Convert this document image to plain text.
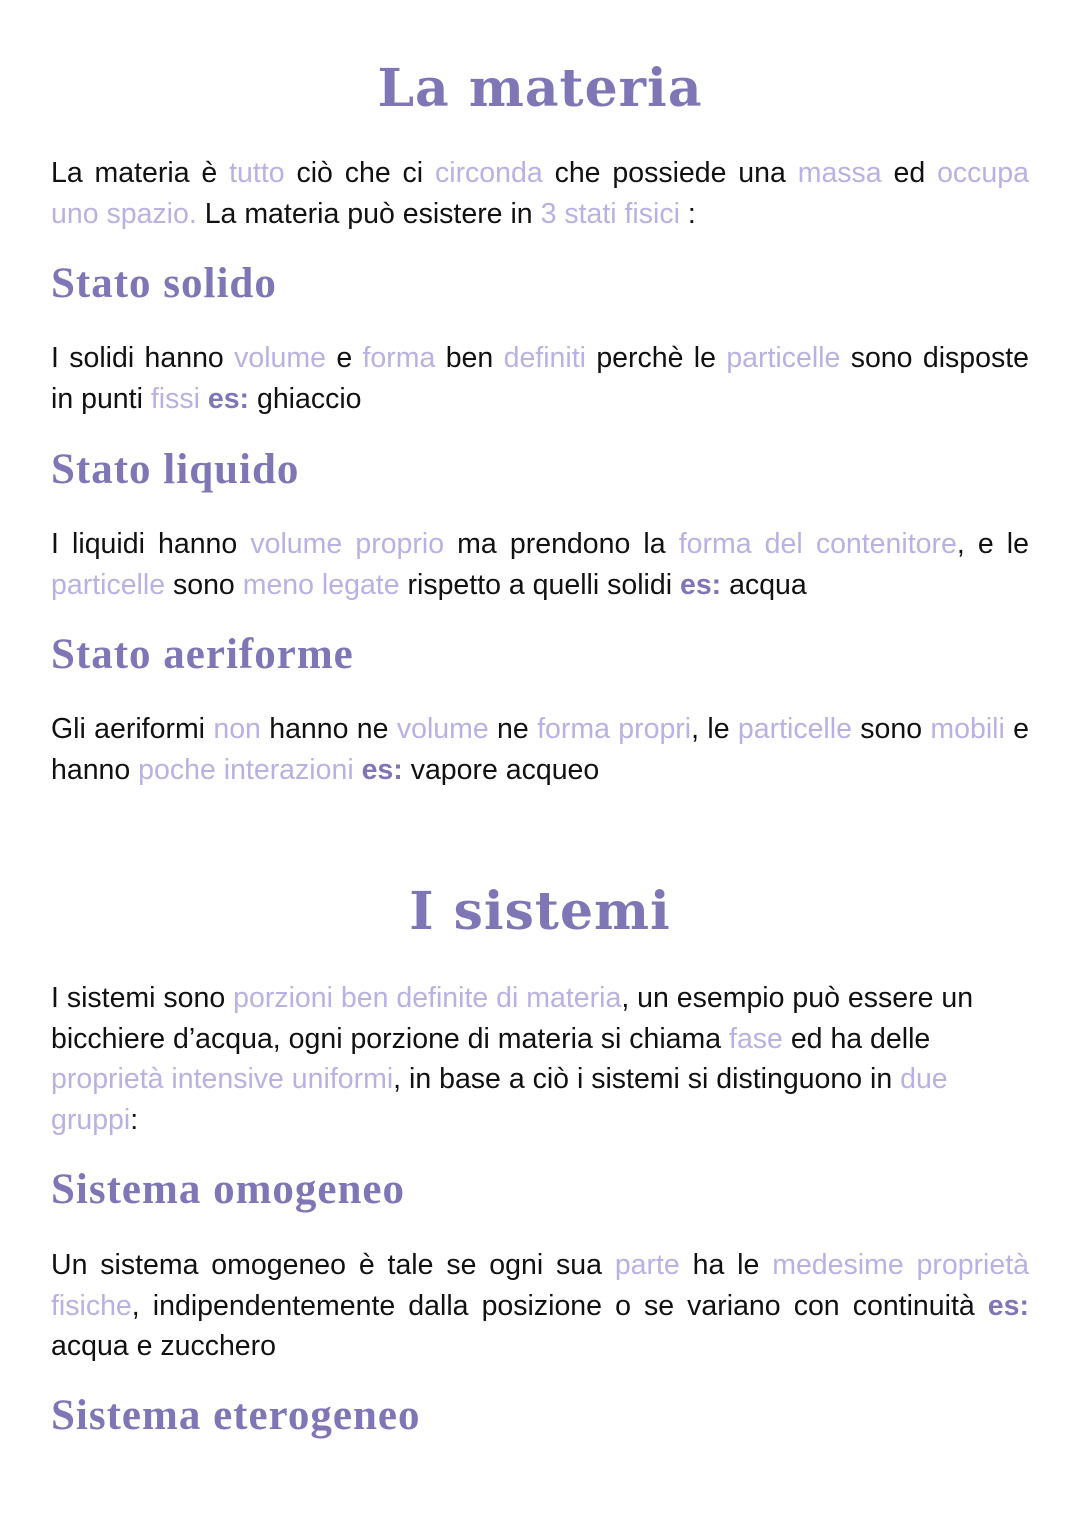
La materia
La materia è tutto ciò che ci circonda che possiede una massa ed occupa uno spazio. La materia può esistere in 3 stati fisici :
Stato solido
I solidi hanno volume e forma ben definiti perchè le particelle sono disposte in punti fissi es: ghiaccio
Stato liquido
I liquidi hanno volume proprio ma prendono la forma del contenitore, e le particelle sono meno legate rispetto a quelli solidi es: acqua
Stato aeriforme
Gli aeriformi non hanno ne volume ne forma propri, le particelle sono mobili e hanno poche interazioni es: vapore acqueo
I sistemi
I sistemi sono porzioni ben definite di materia, un esempio può essere un bicchiere d’acqua, ogni porzione di materia si chiama fase ed ha delle proprietà intensive uniformi, in base a ciò i sistemi si distinguono in due gruppi:
Sistema omogeneo
Un sistema omogeneo è tale se ogni sua parte ha le medesime proprietà fisiche, indipendentemente dalla posizione o se variano con continuità es: acqua e zucchero
Sistema eterogeneo
